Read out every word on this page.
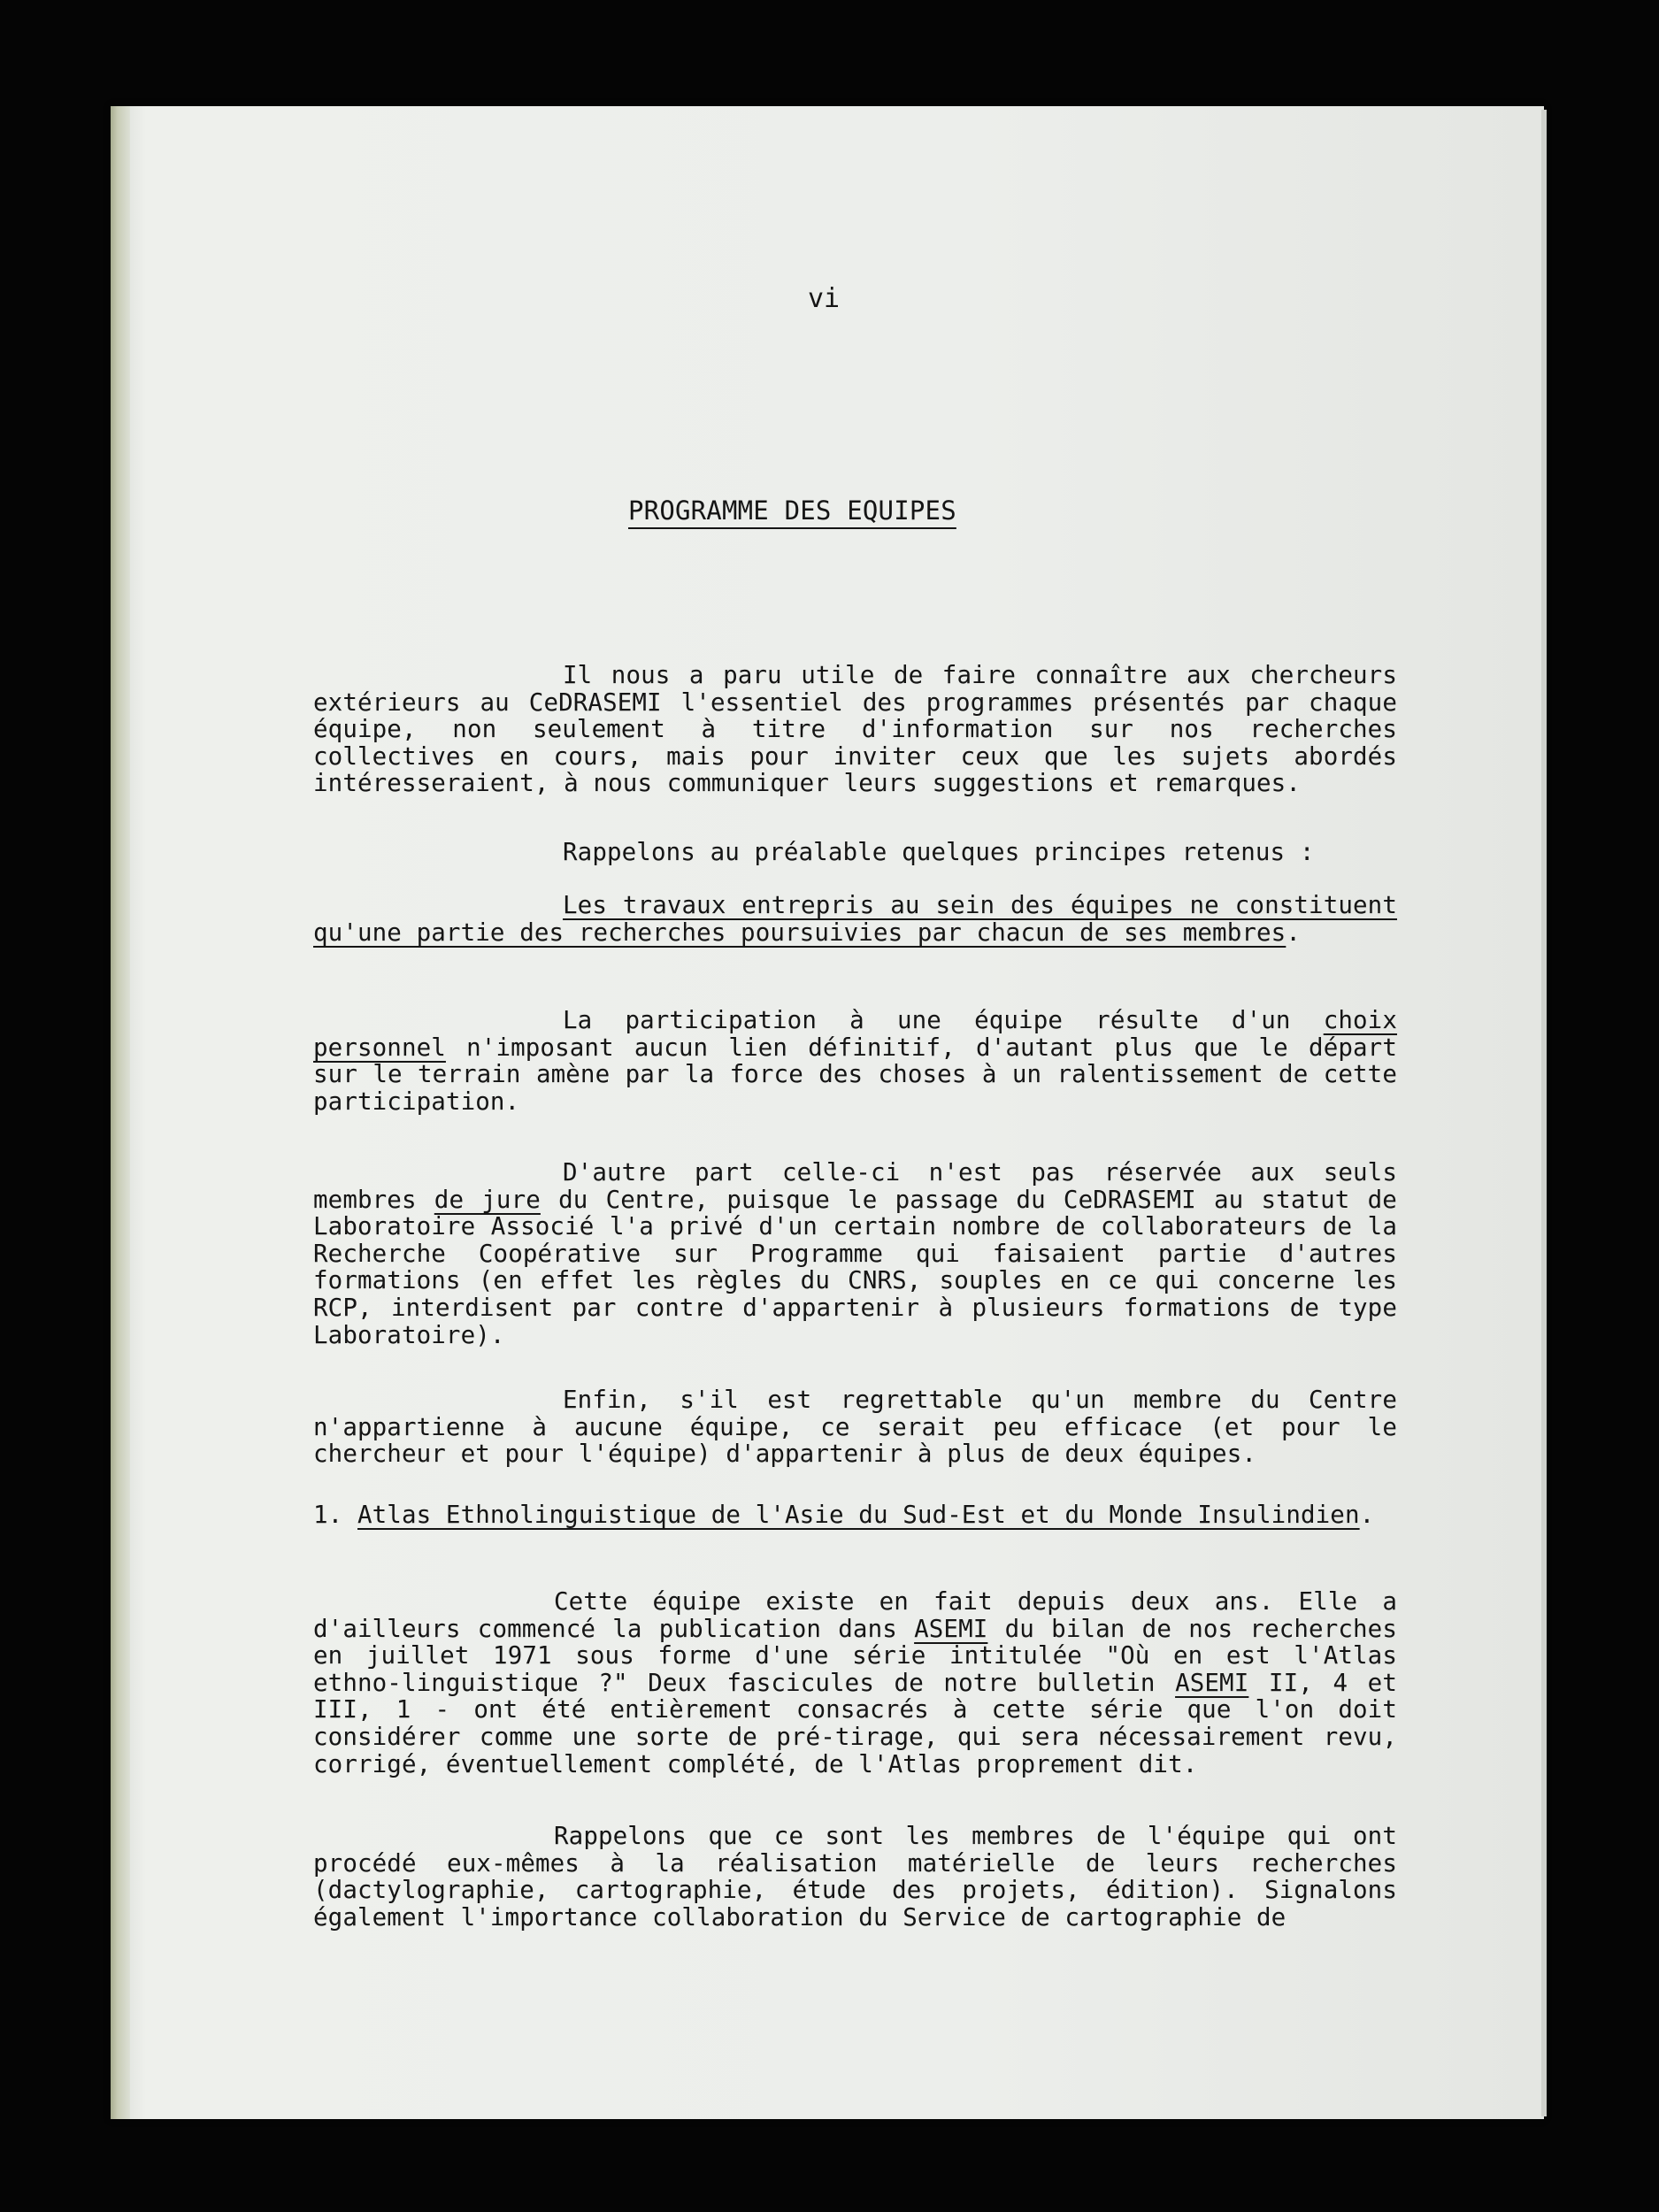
vi
PROGRAMME DES EQUIPES

Il nous a paru utile de faire connaître aux chercheurs extérieurs au CeDRASEMI l'essentiel des programmes présentés par chaque équipe, non seulement à titre d'information sur nos recherches collectives en cours, mais pour inviter ceux que les sujets abordés intéresseraient, à nous communiquer leurs suggestions et remarques.

Rappelons au préalable quelques principes retenus :

Les travaux entrepris au sein des équipes ne constituent qu'une partie des recherches poursuivies par chacun de ses membres.

La participation à une équipe résulte d'un choix personnel n'imposant aucun lien définitif, d'autant plus que le départ sur le terrain amène par la force des choses à un ralentissement de cette participation.

D'autre part celle-ci n'est pas réservée aux seuls membres de jure du Centre, puisque le passage du CeDRASEMI au statut de Laboratoire Associé l'a privé d'un certain nombre de collaborateurs de la Recherche Coopérative sur Programme qui faisaient partie d'autres formations (en effet les règles du CNRS, souples en ce qui concerne les RCP, interdisent par contre d'appartenir à plusieurs formations de type Laboratoire).

Enfin, s'il est regrettable qu'un membre du Centre n'appartienne à aucune équipe, ce serait peu efficace (et pour le chercheur et pour l'équipe) d'appartenir à plus de deux équipes.

1. Atlas Ethnolinguistique de l'Asie du Sud-Est et du Monde Insulindien.

Cette équipe existe en fait depuis deux ans. Elle a d'ailleurs commencé la publication dans ASEMI du bilan de nos recherches en juillet 1971 sous forme d'une série intitulée "Où en est l'Atlas ethno-linguistique ?" Deux fascicules de notre bulletin ASEMI II, 4 et III, 1 - ont été entièrement consacrés à cette série que l'on doit considérer comme une sorte de pré-tirage, qui sera nécessairement revu, corrigé, éventuellement complété, de l'Atlas proprement dit.

Rappelons que ce sont les membres de l'équipe qui ont procédé eux-mêmes à la réalisation matérielle de leurs recherches (dactylographie, cartographie, étude des projets, édition). Signalons également l'importance collaboration du Service de cartographie de
